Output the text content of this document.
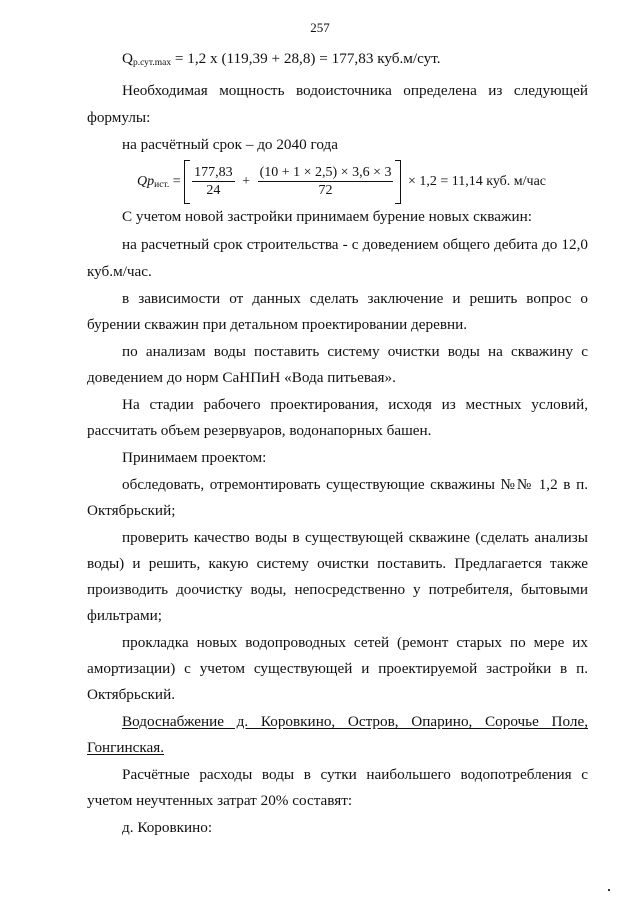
257
$Q_{р.сут.max} = 1,2$ х (119,39 + 28,8) = 177,83 куб.м/сут.
Необходимая мощность водоисточника определена из следующей
формулы:
на расчётный срок – до 2040 года
$Qр_{ист.} = \frac{177,83}{24} + \frac{(10 + 1 \times 2,5) \times 3,6 \times 3}{72} \times 1,2 = 11,14$ куб. м/час
С учетом новой застройки принимаем бурение новых скважин:
на расчетный срок строительства - с доведением общего дебита до 12,0
куб.м/час.
в зависимости от данных сделать заключение и решить вопрос о
бурении скважин при детальном проектировании деревни.
по анализам воды поставить систему очистки воды на скважину с
доведением до норм СаНПиН «Вода питьевая».
На стадии рабочего проектирования, исходя из местных условий,
рассчитать объем резервуаров, водонапорных башен.
Принимаем проектом:
обследовать, отремонтировать существующие скважины №№ 1,2 в п.
Октябрьский;
проверить качество воды в существующей скважине (сделать анализы
воды) и решить, какую систему очистки поставить. Предлагается также
производить доочистку воды, непосредственно у потребителя, бытовыми
фильтрами;
прокладка новых водопроводных сетей (ремонт старых по мере их
амортизации) с учетом существующей и проектируемой застройки в п.
Октябрьский.
Водоснабжение д. Коровкино, Остров, Опарино, Сорочье Поле,
Гонгинская.
Расчётные расходы воды в сутки наибольшего водопотребления с
учетом неучтенных затрат 20% составят:
д. Коровкино:
